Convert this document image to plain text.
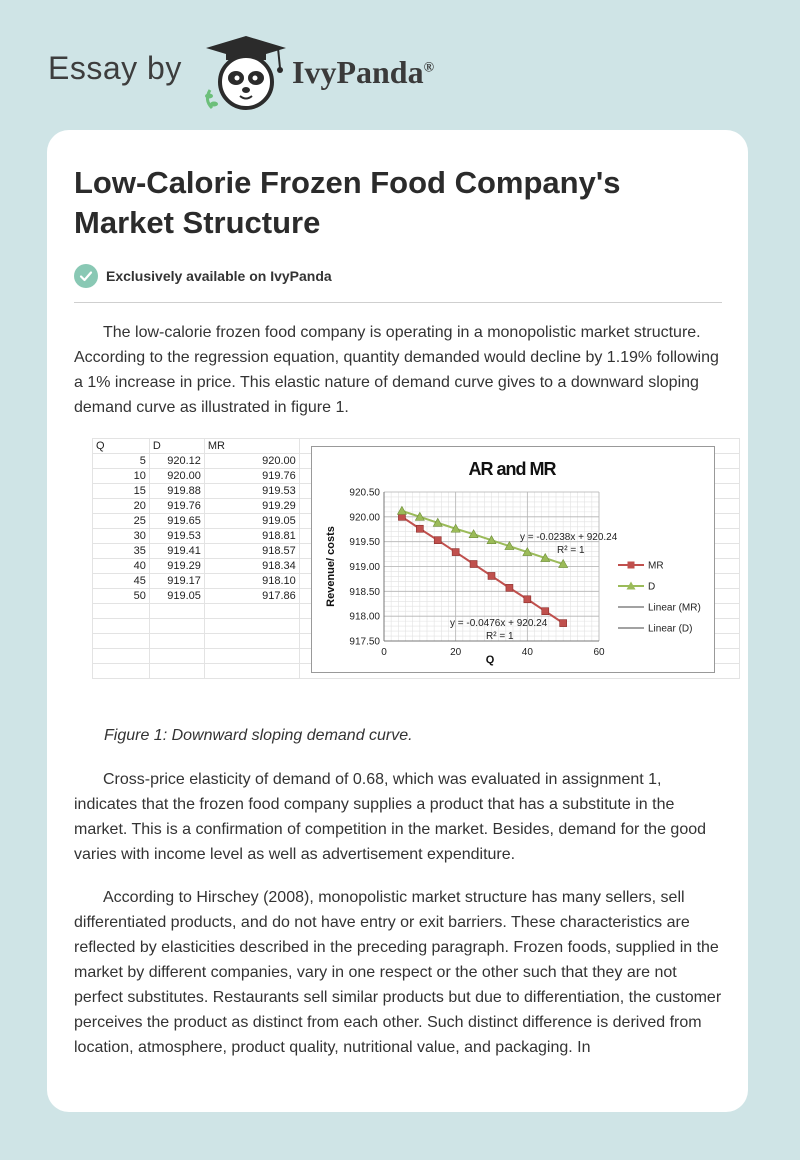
Essay by	IvyPanda®
Low-Calorie Frozen Food Company's Market Structure
Exclusively available on IvyPanda

The low-calorie frozen food company is operating in a monopolistic market structure. According to the regression equation, quantity demanded would decline by 1.19% following a 1% increase in price. This elastic nature of demand curve gives to a downward sloping demand curve as illustrated in figure 1.

Q	D	MR	
5	920.12	920.00	
10	920.00	919.76	
15	919.88	919.53	
20	919.76	919.29	
25	919.65	919.05	
30	919.53	918.81	
35	919.41	918.57	
40	919.29	918.34	
45	919.17	918.10	
50	919.05	917.86	

917.50
918.00
918.50
919.00
919.50
920.00
920.50
0	20	40	60
AR and MR
Q
Revenue/ costs	y = -0.0238x + 920.24
R² = 1
y = -0.0476x + 920.24
R² = 1
MR
D
Linear (MR)
Linear (D)

Figure 1: Downward sloping demand curve.

Cross-price elasticity of demand of 0.68, which was evaluated in assignment 1, indicates that the frozen food company supplies a product that has a substitute in the market. This is a confirmation of competition in the market. Besides, demand for the good varies with income level as well as advertisement expenditure.

According to Hirschey (2008), monopolistic market structure has many sellers, sell differentiated products, and do not have entry or exit barriers. These characteristics are reflected by elasticities described in the preceding paragraph. Frozen foods, supplied in the market by different companies, vary in one respect or the other such that they are not perfect substitutes. Restaurants sell similar products but due to differentiation, the customer perceives the product as distinct from each other. Such distinct difference is derived from location, atmosphere, product quality, nutritional value, and packaging. In
